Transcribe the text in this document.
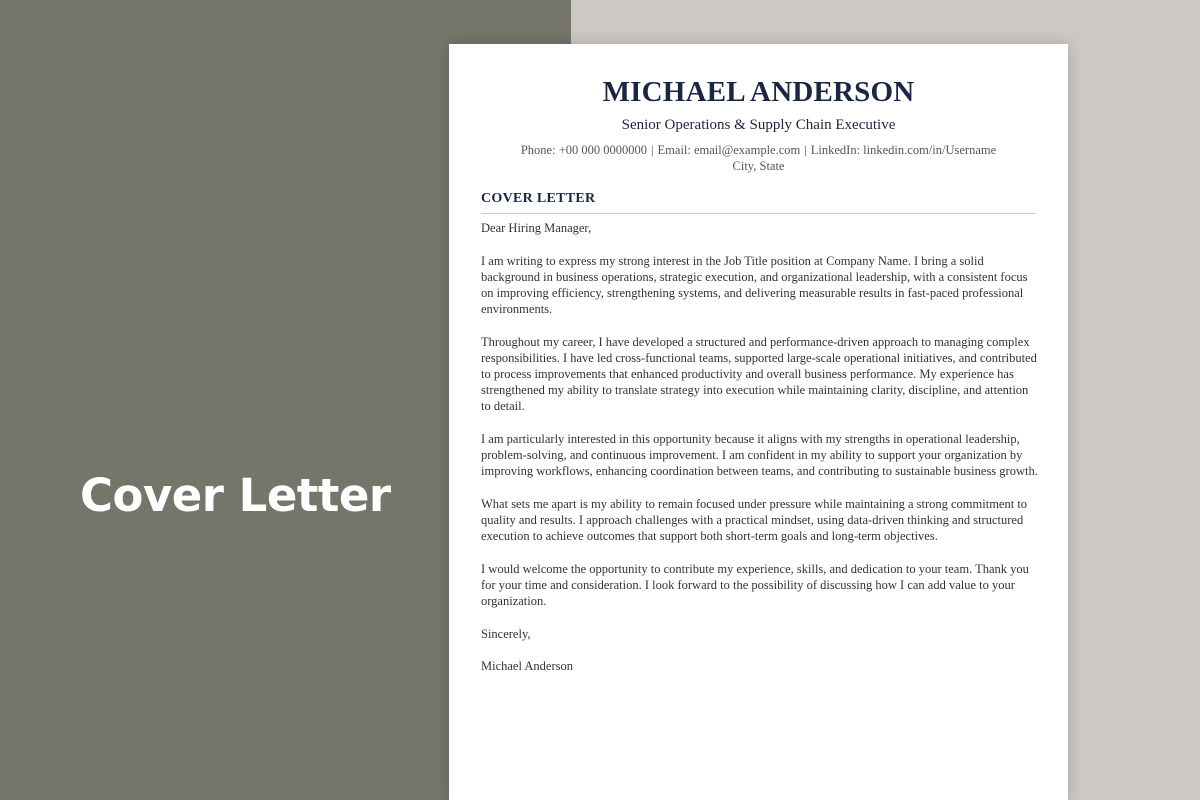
Cover Letter
MICHAEL ANDERSON
Senior Operations & Supply Chain Executive
Phone: +00 000 0000000 | Email: email@example.com | LinkedIn: linkedin.com/in/Username
City, State
COVER LETTER

Dear Hiring Manager,

I am writing to express my strong interest in the Job Title position at Company Name. I bring a solid background in business operations, strategic execution, and organizational leadership, with a consistent focus on improving efficiency, strengthening systems, and delivering measurable results in fast-paced professional environments.

Throughout my career, I have developed a structured and performance-driven approach to managing complex responsibilities. I have led cross-functional teams, supported large-scale operational initiatives, and contributed to process improvements that enhanced productivity and overall business performance. My experience has strengthened my ability to translate strategy into execution while maintaining clarity, discipline, and attention to detail.

I am particularly interested in this opportunity because it aligns with my strengths in operational leadership, problem-solving, and continuous improvement. I am confident in my ability to support your organization by improving workflows, enhancing coordination between teams, and contributing to sustainable business growth.

What sets me apart is my ability to remain focused under pressure while maintaining a strong commitment to quality and results. I approach challenges with a practical mindset, using data-driven thinking and structured execution to achieve outcomes that support both short-term goals and long-term objectives.

I would welcome the opportunity to contribute my experience, skills, and dedication to your team. Thank you for your time and consideration. I look forward to the possibility of discussing how I can add value to your organization.

Sincerely,

Michael Anderson
